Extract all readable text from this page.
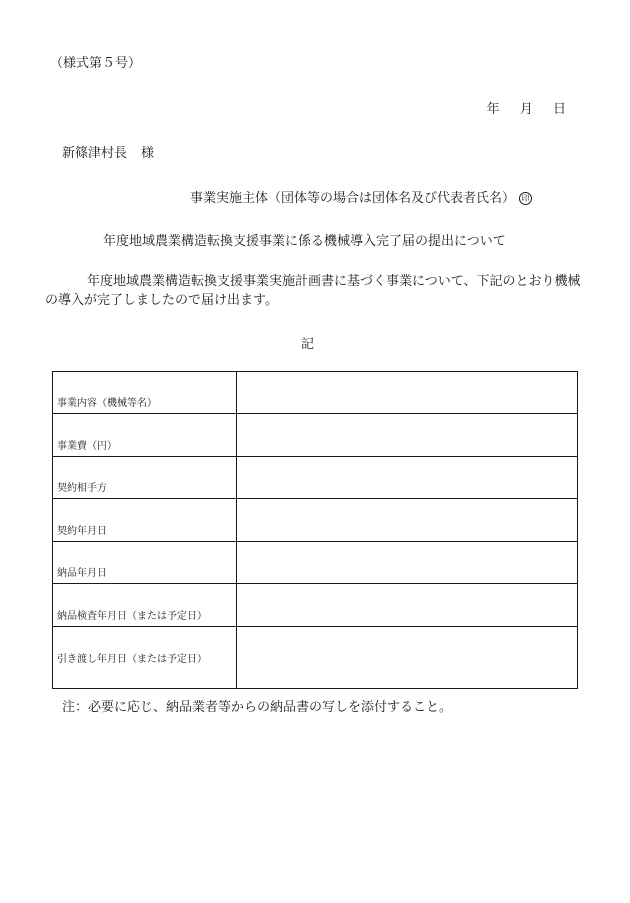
（様式第５号）
年 月 日
新篠津村長 様
事業実施主体（団体等の場合は団体名及び代表者氏名） 印
年度地域農業構造転換支援事業に係る機械導入完了届の提出について
年度地域農業構造転換支援事業実施計画書に基づく事業について、下記のとおり機械の導入が完了しましたので届け出ます。
記
事業内容（機械等名）	
事業費（円）	
契約相手方	
契約年月日	
納品年月日	
納品検査年月日（または予定日）	
引き渡し年月日（または予定日）	
注：必要に応じ、納品業者等からの納品書の写しを添付すること。
